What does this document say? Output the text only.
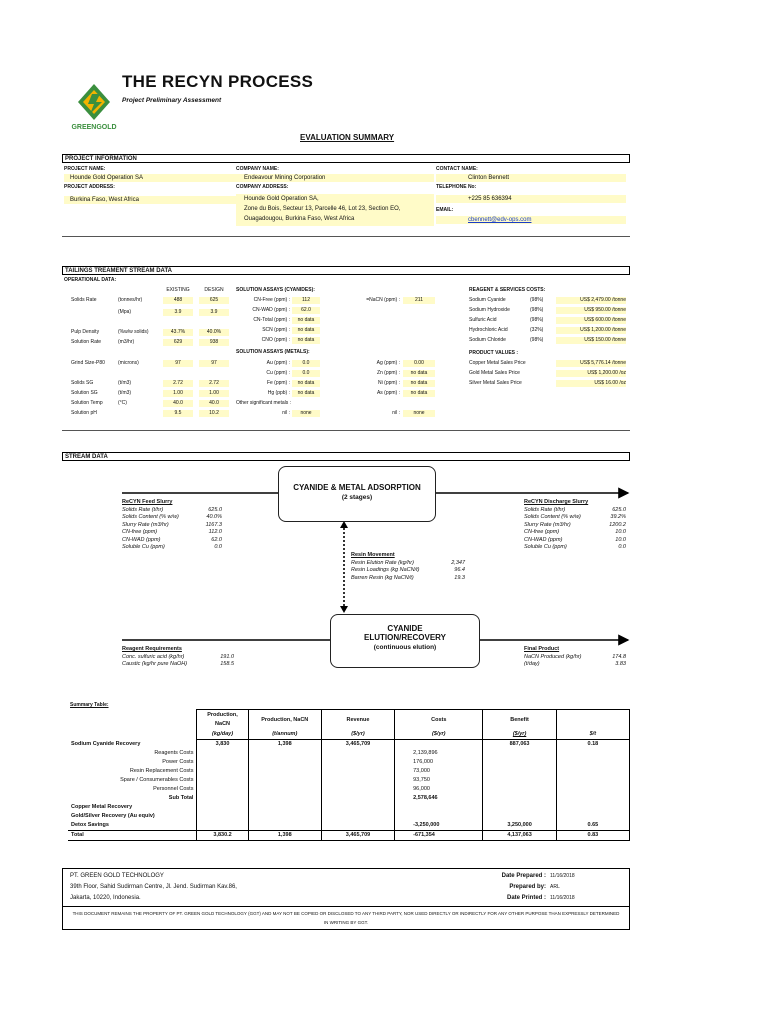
GREENGOLD
THE RECYN PROCESS
Project Preliminary Assessment
EVALUATION SUMMARY
PROJECT INFORMATION
PROJECT NAME:
Hounde Gold Operation SA
COMPANY NAME:
Endeavour Mining Corporation
CONTACT NAME:
Clinton Bennett
PROJECT ADDRESS:
Burkina Faso, West Africa
COMPANY ADDRESS:
Hounde Gold Operation SA,
Zone du Bois, Secteur 13, Parcelle 46, Lot 23, Section EO,
Ouagadougou, Burkina Faso, West Africa
TELEPHONE No:
+225 85 636394
EMAIL:
cbennett@edv-ops.com
TAILINGS TREAMENT STREAM DATA
OPERATIONAL DATA:
EXISTING	DESIGN
Solids Rate	(tonnes/hr)	488	625
(Mpa)	3.9	3.9
Pulp Density	(%w/w solids)	43.7%	40.0%
Solution Rate	(m3/hr)	629	938
Grind Size-P80	(microns)	97	97
Solids SG	(t/m3)	2.72	2.72
Solution SG	(t/m3)	1.00	1.00
Solution Temp	(°C)	40.0	40.0
Solution pH	9.5	10.2
SOLUTION ASSAYS (CYANIDES):
CN-Free (ppm) :	112
CN-WAD (ppm) :	62.0
CN-Total (ppm) :	no data
SCN (ppm) :	no data
CNO (ppm) :	no data
=NaCN (ppm) :	211
SOLUTION ASSAYS (METALS):
Au (ppm) :	0.0
Cu (ppm) :	0.0
Fe (ppm) :	no data
Hg (ppb) :	no data
Ag (ppm) :	0.00
Zn (ppm) :	no data
Ni (ppm) :	no data
As (ppm) :	no data
Other significant metals :
nil :	none	nil :	none
REAGENT & SERVICES COSTS:
Sodium Cyanide	(98%)	US$ 2,479.00 /tonne
Sodium Hydroxide	(98%)	US$ 950.00 /tonne
Sulfuric Acid	(98%)	US$ 600.00 /tonne
Hydrochloric Acid	(32%)	US$ 1,200.00 /tonne
Sodium Chloride	(98%)	US$ 150.00 /tonne
PRODUCT VALUES :
Copper Metal Sales Price	US$ 5,776.14 /tonne
Gold Metal Sales Price	US$ 1,200.00 /oz
Silver Metal Sales Price	US$ 16.00 /oz
STREAM DATA
CYANIDE & METAL ADSORPTION
(2 stages)
CYANIDE
ELUTION/RECOVERY
(continuous elution)
ReCYN Feed Slurry
Solids Rate (t/hr)	625.0
Solids Content (% w/w)	40.0%
Slurry Rate (m3/hr)	1167.3
CN-free (ppm)	112.0
CN-WAD (ppm)	62.0
Soluble Cu (ppm)	0.0
ReCYN Discharge Slurry
Solids Rate (t/hr)	625.0
Solids Content (% w/w)	39.2%
Slurry Rate (m3/hr)	1200.2
CN-free (ppm)	10.0
CN-WAD (ppm)	10.0
Soluble Cu (ppm)	0.0
Resin Movement
Resin Elution Rate (kg/hr)	2,347
Resin Loadings (kg NaCN/t)	96.4
Barren Resin (kg NaCN/t)	19.3
Reagent Requirements
Conc. sulfuric acid (kg/hr)	191.0
Caustic (kg/hr pure NaOH)	158.5
Final Product
NaCN Produced (kg/hr)	174.8
(t/day)	3.83
Summary Table:
	Production, NaCN	Production, NaCN	Revenue	Costs	Benefit	
	(kg/day)	(t/annum)	($/yr)	($/yr)	($/yr)	$/t
Sodium Cyanide Recovery	3,830	1,398	3,465,709		887,063	0.18
Reagents Costs				2,139,896		
Power Costs				176,000		
Resin Replacement Costs				73,000		
Spare / Consumerables Costs				93,750		
Personnel Costs				96,000		
Sub Total				2,578,646		
Copper Metal Recovery						
Gold/Silver Recovery (Au equiv)						
Detox Savings				-3,250,000	3,250,000	0.65
Total	3,830.2	1,398	3,465,709	-671,354	4,137,063	0.83
PT. GREEN GOLD TECHNOLOGY
39th Floor, Sahid Sudirman Centre, Jl. Jend. Sudirman Kav.86,
Jakarta, 10220, Indonesia.
Date Prepared : 11/16/2018
Prepared by: ARL
Date Printed : 11/16/2018
THIS DOCUMENT REMAINS THE PROPERTY OF PT. GREEN GOLD TECHNOLOGY (GGT) AND MAY NOT BE COPIED OR DISCLOSED TO ANY THIRD PARTY, NOR USED DIRECTLY OR INDIRECTLY FOR ANY OTHER PURPOSE THAN EXPRESSLY DETERMINED IN WRITING BY GGT.
